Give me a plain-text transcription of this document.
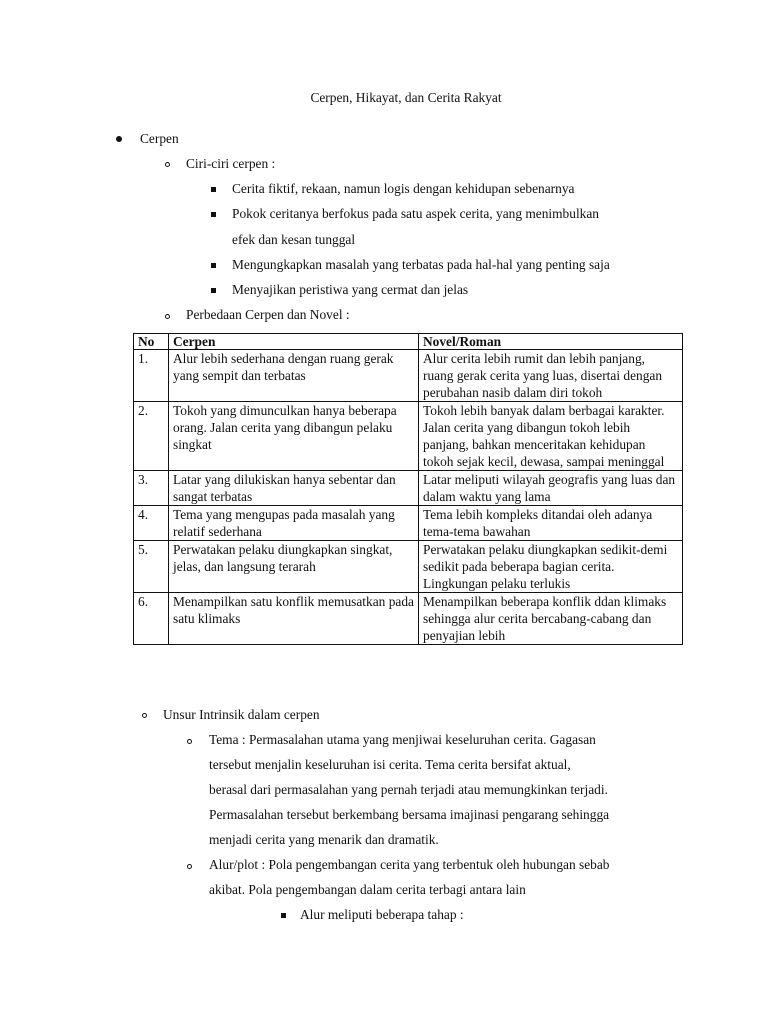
Cerpen, Hikayat, dan Cerita Rakyat
Cerpen
Ciri-ciri cerpen :
Cerita fiktif, rekaan, namun logis dengan kehidupan sebenarnya
Pokok ceritanya berfokus pada satu aspek cerita, yang menimbulkan
efek dan kesan tunggal
Mengungkapkan masalah yang terbatas pada hal-hal yang penting saja
Menyajikan peristiwa yang cermat dan jelas
Perbedaan Cerpen dan Novel :
No	Cerpen	Novel/Roman
1.	Alur lebih sederhana dengan ruang gerak yang sempit dan terbatas	Alur cerita lebih rumit dan lebih panjang, ruang gerak cerita yang luas, disertai dengan perubahan nasib dalam diri tokoh
2.	Tokoh yang dimunculkan hanya beberapa orang. Jalan cerita yang dibangun pelaku singkat	Tokoh lebih banyak dalam berbagai karakter. Jalan cerita yang dibangun tokoh lebih panjang, bahkan menceritakan kehidupan tokoh sejak kecil, dewasa, sampai meninggal
3.	Latar yang dilukiskan hanya sebentar dan sangat terbatas	Latar meliputi wilayah geografis yang luas dan dalam waktu yang lama
4.	Tema yang mengupas pada masalah yang relatif sederhana	Tema lebih kompleks ditandai oleh adanya tema-tema bawahan
5.	Perwatakan pelaku diungkapkan singkat, jelas, dan langsung terarah	Perwatakan pelaku diungkapkan sedikit-demi sedikit pada beberapa bagian cerita. Lingkungan pelaku terlukis
6.	Menampilkan satu konflik memusatkan pada satu klimaks	Menampilkan beberapa konflik ddan klimaks sehingga alur cerita bercabang-cabang dan penyajian lebih
Unsur Intrinsik dalam cerpen
Tema : Permasalahan utama yang menjiwai keseluruhan cerita. Gagasan
tersebut menjalin keseluruhan isi cerita. Tema cerita bersifat aktual,
berasal dari permasalahan yang pernah terjadi atau memungkinkan terjadi.
Permasalahan tersebut berkembang bersama imajinasi pengarang sehingga
menjadi cerita yang menarik dan dramatik.
Alur/plot : Pola pengembangan cerita yang terbentuk oleh hubungan sebab
akibat. Pola pengembangan dalam cerita terbagi antara lain
Alur meliputi beberapa tahap :
